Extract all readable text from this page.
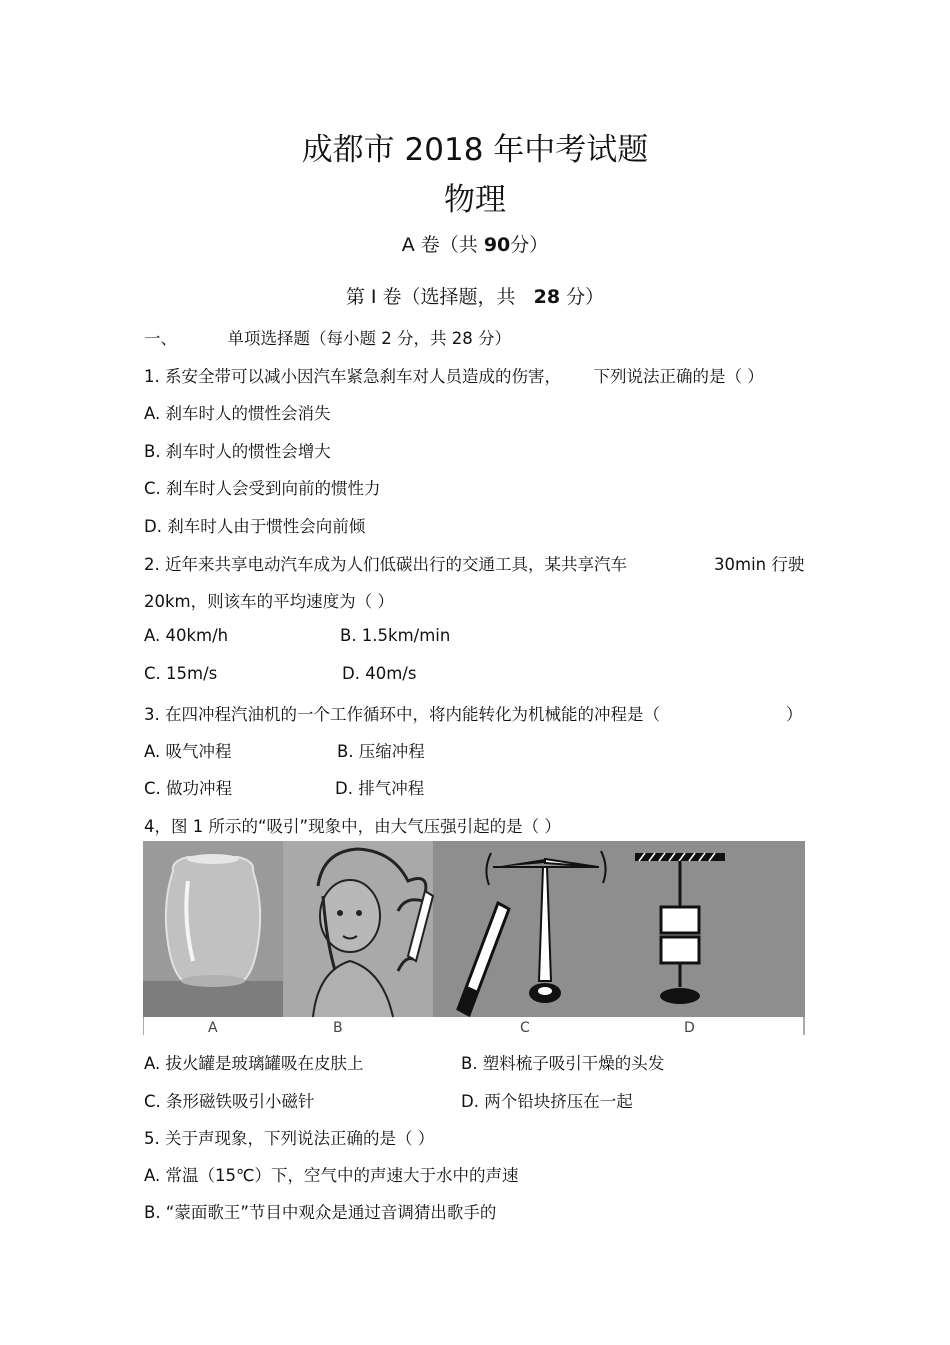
成都市 2018 年中考试题
物理
A 卷（共 90分）
第 I 卷（选择题，共 28 分）
一、	单项选择题（每小题 2 分，共 28 分）
1. 系安全带可以减小因汽车紧急刹车对人员造成的伤害， 下列说法正确的是（ ）
A. 刹车时人的惯性会消失
B. 刹车时人的惯性会增大
C. 刹车时人会受到向前的惯性力
D. 刹车时人由于惯性会向前倾
2. 近年来共享电动汽车成为人们低碳出行的交通工具，某共享汽车	30min 行驶
20km，则该车的平均速度为（ ）
A. 40km/h	B. 1.5km/min
C. 15m/s	D. 40m/s
3. 在四冲程汽油机的一个工作循环中，将内能转化为机械能的冲程是（	）
A. 吸气冲程	B. 压缩冲程
C. 做功冲程	D. 排气冲程
4，图 1 所示的“吸引”现象中，由大气压强引起的是（ ）
A	B	C	D
A. 拔火罐是玻璃罐吸在皮肤上	B. 塑料梳子吸引干燥的头发
C. 条形磁铁吸引小磁针	D. 两个铅块挤压在一起
5. 关于声现象，下列说法正确的是（ ）
A. 常温（15℃）下，空气中的声速大于水中的声速
B. “蒙面歌王”节目中观众是通过音调猜出歌手的
